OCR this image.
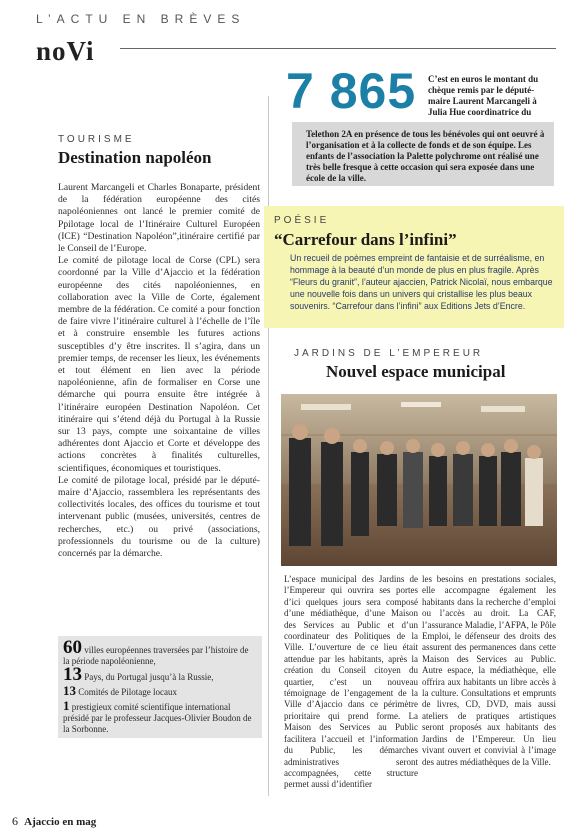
L’ACTU EN BRÈVES
noVi
TOURISME
Destination napoléon

Laurent Marcangeli et Charles Bonaparte, président de la fédération européenne des cités napoléoniennes ont lancé le premier comité de Ppilotage local de l’Itinéraire Culturel Européen (ICE) “Destination Napoléon”,itinéraire certifié par le Conseil de l’Europe.

Le comité de pilotage local de Corse (CPL) sera coordonné par la Ville d’Ajaccio et la fédération européenne des cités napoléoniennes, en collaboration avec la Ville de Corte, également membre de la fédération. Ce comité a pour fonction de faire vivre l’itinéraire culturel à l’échelle de l’île et à construire ensemble les futures actions susceptibles d’y être inscrites. Il s’agira, dans un premier temps, de recenser les lieux, les événements et tout élément en lien avec la période napoléonienne, afin de formaliser en Corse une démarche qui pourra ensuite être intégrée à l’itinéraire européen Destination Napoléon. Cet itinéraire qui s’étend déjà du Portugal à la Russie sur 13 pays, compte une soixantaine de villes adhérentes dont Ajaccio et Corte et développe des actions concrètes à finalités culturelles, scientifiques, économiques et touristiques.

Le comité de pilotage local, présidé par le député-maire d’Ajaccio, rassemblera les représentants des collectivités locales, des offices du tourisme et tout intervenant public (musées, universités, centres de recherches, etc.) ou privé (associations, professionnels du tourisme ou de la culture) concernés par la démarche.

60 villes européennes traversées par l’histoire de la période napoléonienne,
13 Pays, du Portugal jusqu’à la Russie,
13 Comités de Pilotage locaux
1 prestigieux comité scientifique international présidé par le professeur Jacques-Olivier Boudon de la Sorbonne.
7 865 C’est en euros le montant du chèque remis par le député-maire Laurent Marcangeli à Julia Hue coordinatrice du
Telethon 2A en présence de tous les bénévoles qui ont oeuvré à l’organisation et à la collecte de fonds et de son équipe. Les enfants de l’association la Palette polychrome ont réalisé une très belle fresque à cette occasion qui sera exposée dans une école de la ville.
POÉSIE
“Carrefour dans l’infini”
Un recueil de poèmes empreint de fantaisie et de surréalisme, en hommage à la beauté d’un monde de plus en plus fragile. Après “Fleurs du granit”, l’auteur ajaccien, Patrick Nicolaï, nous embarque une nouvelle fois dans un univers qui cristallise les plus beaux souvenirs. “Carrefour dans l’infini” aux Editions Jets d’Encre.
JARDINS DE L’EMPEREUR
Nouvel espace municipal
L’espace municipal des Jardins de l’Empereur qui ouvrira ses portes d’ici quelques jours sera composé d’une médiathèque, d’une Maison des Services au Public et d’un coordinateur des Politiques de la Ville. L’ouverture de ce lieu était attendue par les habitants, après la création du Conseil citoyen du quartier, c’est un nouveau témoignage de l’engagement de la Ville d’Ajaccio dans ce périmètre prioritaire qui prend forme. La Maison des Services au Public facilitera l’accueil et l’information du Public, les démarches administratives seront accompagnées, cette structure permet aussi d’identifier
les besoins en prestations sociales, elle accompagne également les habitants dans la recherche d’emploi ou l’accès au droit. La CAF, l’assurance Maladie, l’AFPA, le Pôle Emploi, le défenseur des droits des assurent des permanences dans cette Maison des Services au Public. Autre espace, la médiathèque, elle offrira aux habitants un libre accès à la culture. Consultations et emprunts de livres, CD, DVD, mais aussi ateliers de pratiques artistiques seront proposés aux habitants des Jardins de l’Empereur. Un lieu vivant ouvert et convivial à l’image des autres médiathèques de la Ville.
6 Ajaccio en mag
